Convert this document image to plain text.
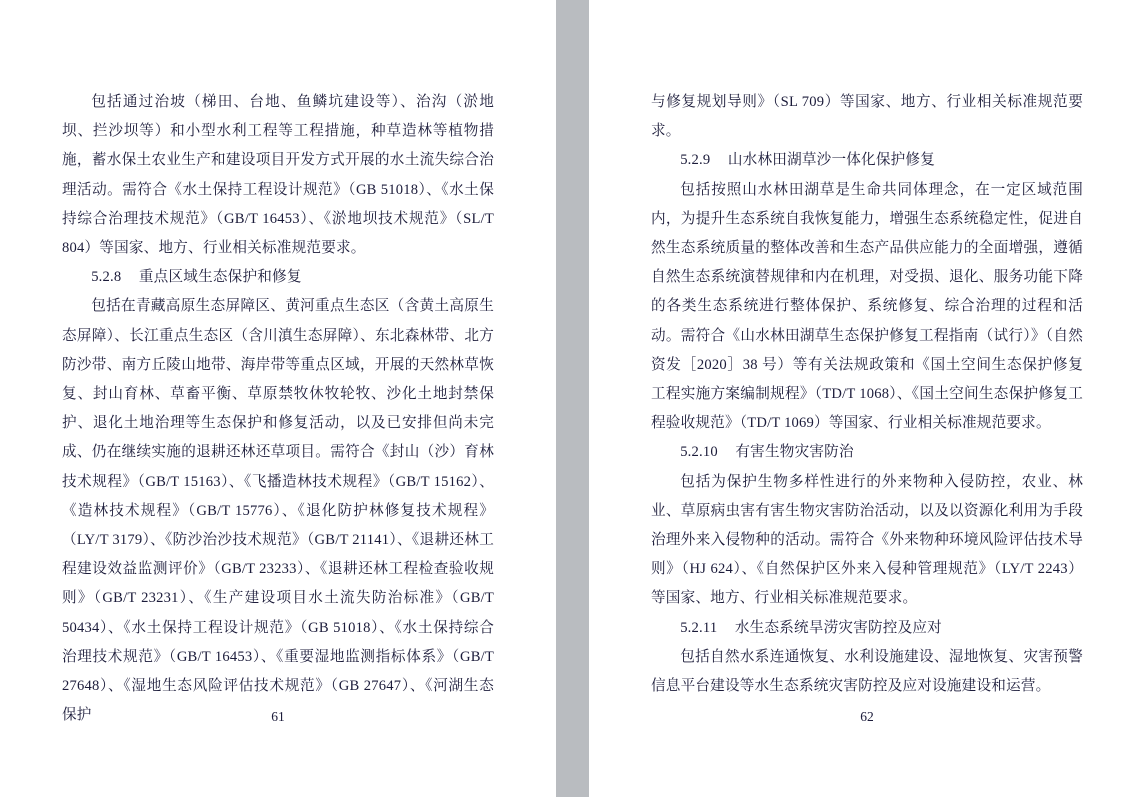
包括通过治坡（梯田、台地、鱼鳞坑建设等）、治沟（淤地坝、拦沙坝等）和小型水利工程等工程措施，种草造林等植物措施，蓄水保土农业生产和建设项目开发方式开展的水土流失综合治理活动。需符合《水土保持工程设计规范》（GB 51018）、《水土保持综合治理技术规范》（GB/T 16453）、《淤地坝技术规范》（SL/T 804）等国家、地方、行业相关标准规范要求。

5.2.8 重点区域生态保护和修复

包括在青藏高原生态屏障区、黄河重点生态区（含黄土高原生态屏障）、长江重点生态区（含川滇生态屏障）、东北森林带、北方防沙带、南方丘陵山地带、海岸带等重点区域，开展的天然林草恢复、封山育林、草畜平衡、草原禁牧休牧轮牧、沙化土地封禁保护、退化土地治理等生态保护和修复活动，以及已安排但尚未完成、仍在继续实施的退耕还林还草项目。需符合《封山（沙）育林技术规程》（GB/T 15163）、《飞播造林技术规程》（GB/T 15162）、《造林技术规程》（GB/T 15776）、《退化防护林修复技术规程》（LY/T 3179）、《防沙治沙技术规范》（GB/T 21141）、《退耕还林工程建设效益监测评价》（GB/T 23233）、《退耕还林工程检查验收规则》（GB/T 23231）、《生产建设项目水土流失防治标准》（GB/T 50434）、《水土保持工程设计规范》（GB 51018）、《水土保持综合治理技术规范》（GB/T 16453）、《重要湿地监测指标体系》（GB/T 27648）、《湿地生态风险评估技术规范》（GB 27647）、《河湖生态保护	61

与修复规划导则》（SL 709）等国家、地方、行业相关标准规范要求。

5.2.9 山水林田湖草沙一体化保护修复

包括按照山水林田湖草是生命共同体理念，在一定区域范围内，为提升生态系统自我恢复能力，增强生态系统稳定性，促进自然生态系统质量的整体改善和生态产品供应能力的全面增强，遵循自然生态系统演替规律和内在机理，对受损、退化、服务功能下降的各类生态系统进行整体保护、系统修复、综合治理的过程和活动。需符合《山水林田湖草生态保护修复工程指南（试行）》（自然资发［2020］38 号）等有关法规政策和《国土空间生态保护修复工程实施方案编制规程》（TD/T 1068）、《国土空间生态保护修复工程验收规范》（TD/T 1069）等国家、行业相关标准规范要求。

5.2.10 有害生物灾害防治

包括为保护生物多样性进行的外来物种入侵防控，农业、林业、草原病虫害有害生物灾害防治活动，以及以资源化利用为手段治理外来入侵物种的活动。需符合《外来物种环境风险评估技术导则》（HJ 624）、《自然保护区外来入侵种管理规范》（LY/T 2243）等国家、地方、行业相关标准规范要求。

5.2.11 水生态系统旱涝灾害防控及应对

包括自然水系连通恢复、水利设施建设、湿地恢复、灾害预警信息平台建设等水生态系统灾害防控及应对设施建设和运营。

62
